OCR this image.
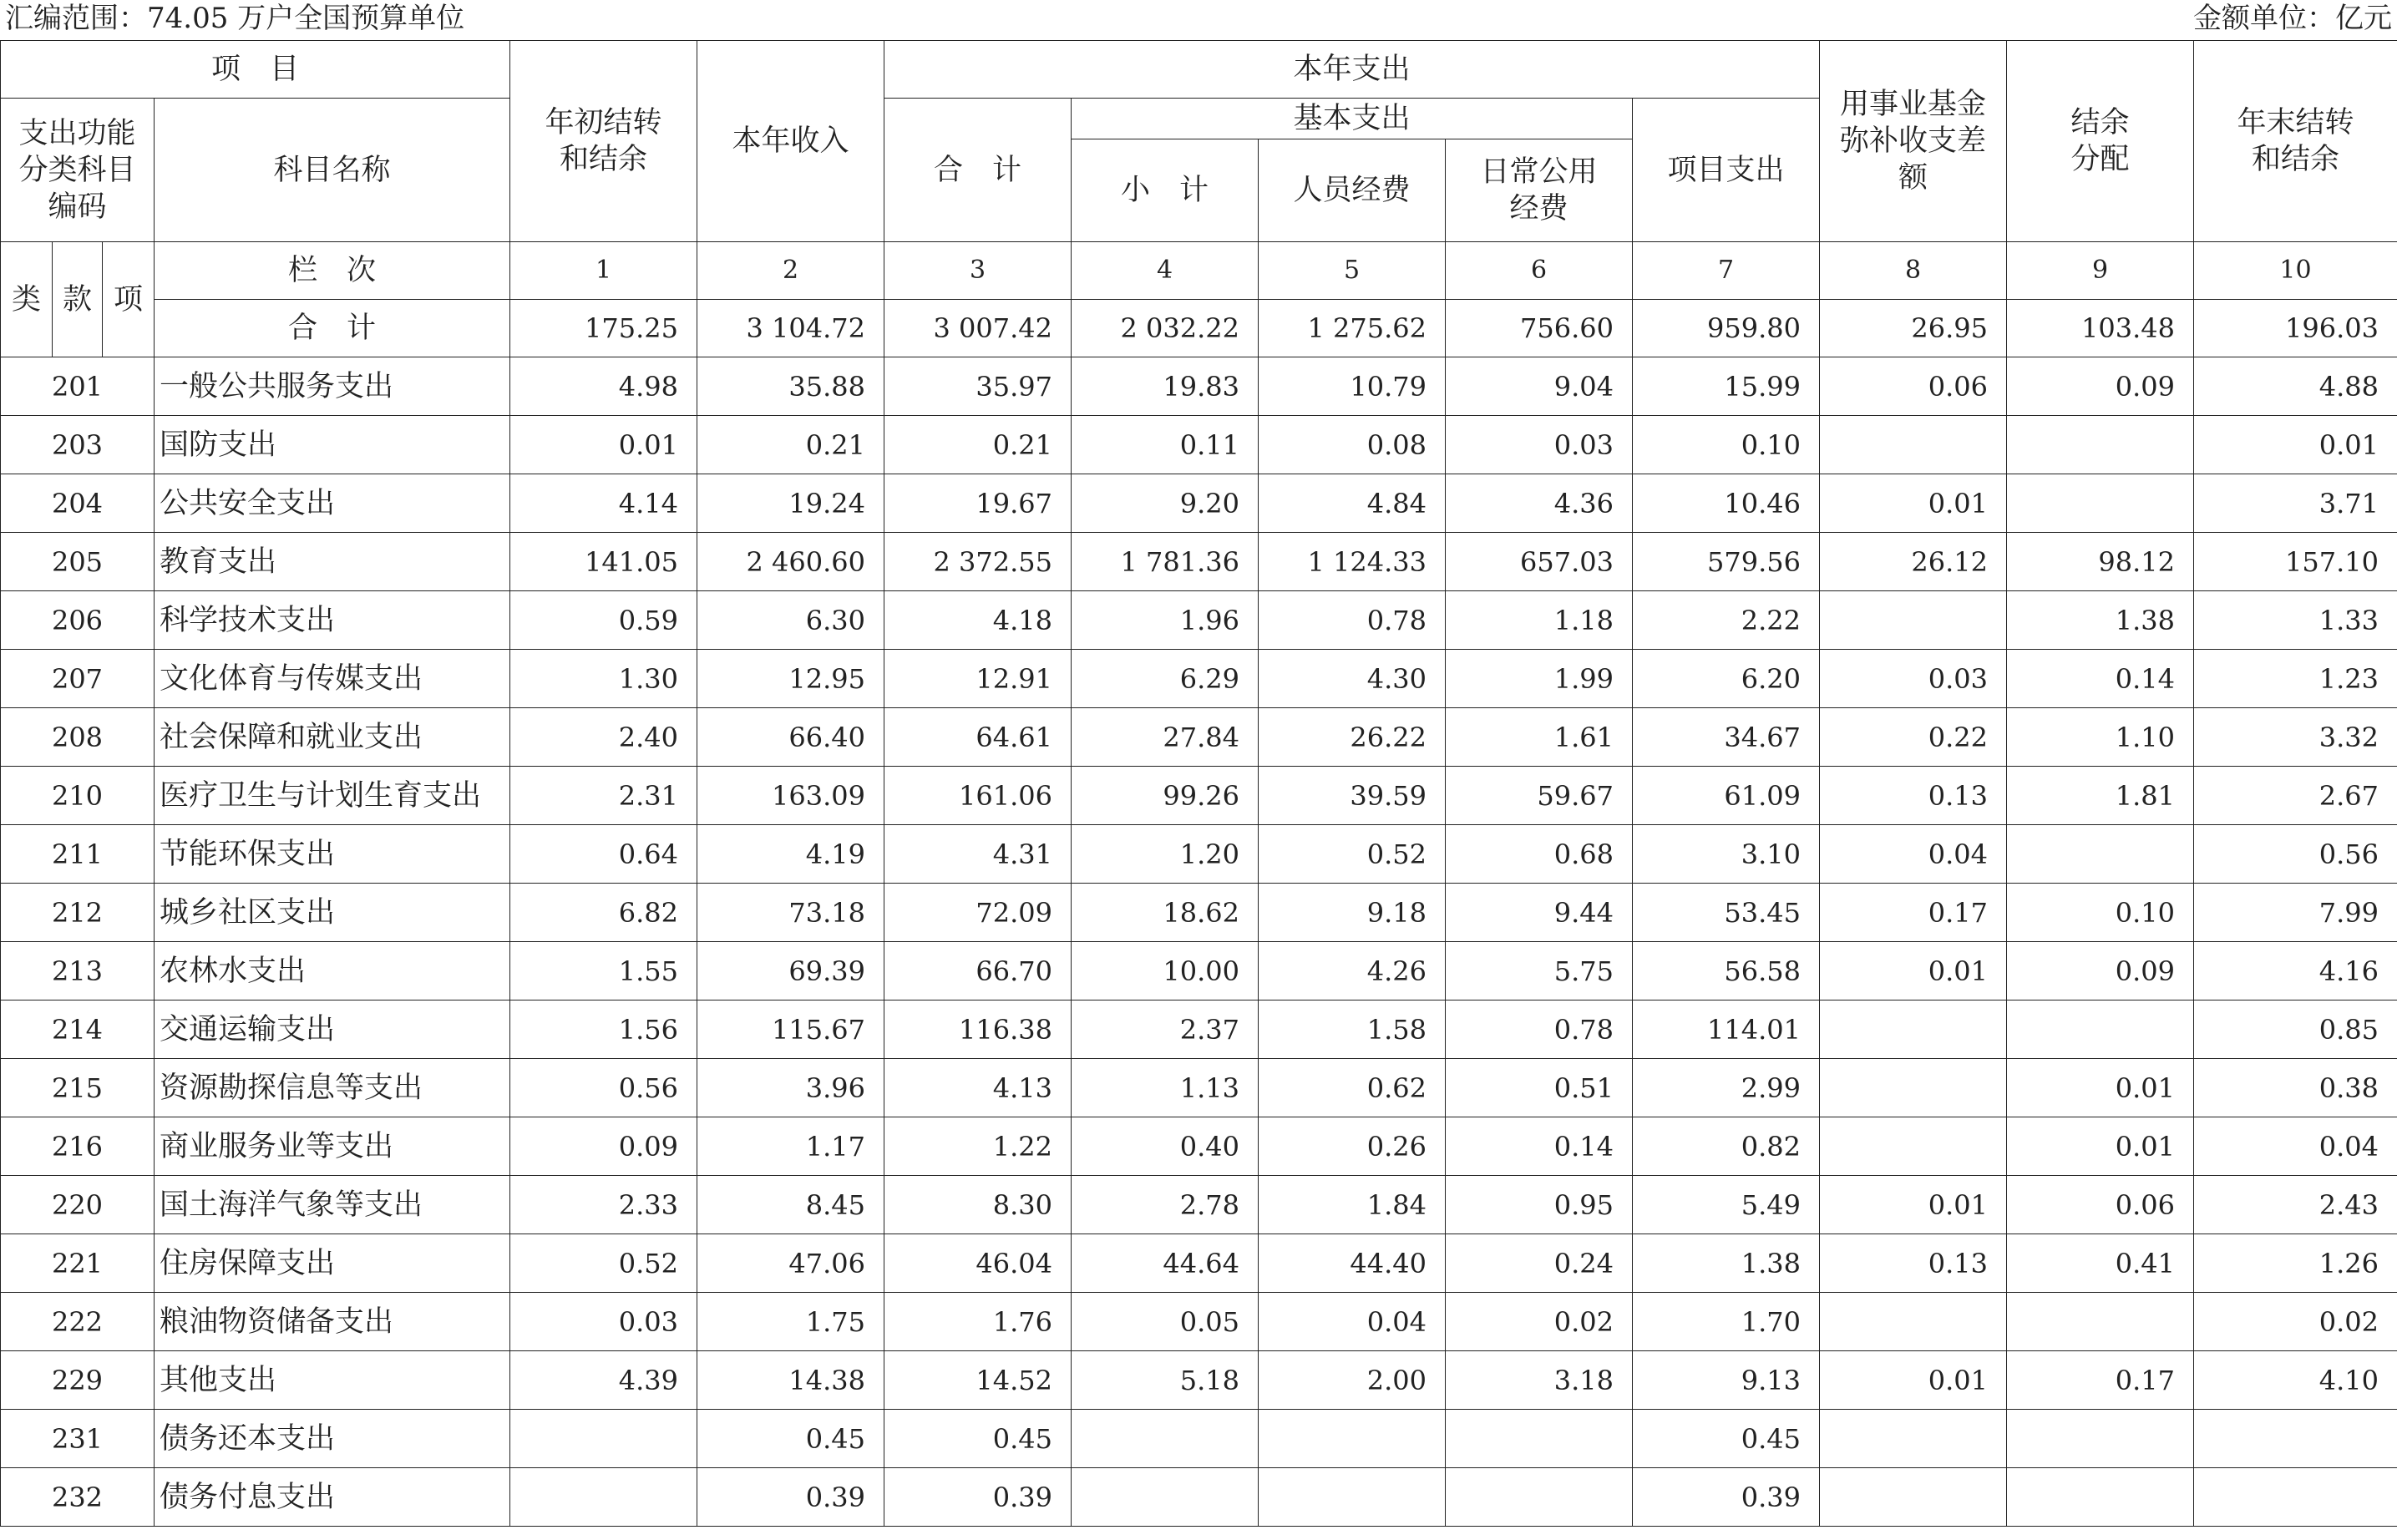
汇编范围：74.05 万户全国预算单位	金额单位：亿元
项　目				年初结转和结余	本年收入	本年支出					用事业基金弥补收支差额	结余分配	年末结转和结余
支出功能分类科目编码			科目名称			合　计	基本支出			项目支出			
							小　计	人员经费	日常公用经费				
类	款	项	栏　次	1	2	3	4	5	6	7	8	9	10
			合　计	175.25	3 104.72	3 007.42	2 032.22	1 275.62	756.60	959.80	26.95	103.48	196.03
201			一般公共服务支出	4.98	35.88	35.97	19.83	10.79	9.04	15.99	0.06	0.09	4.88
203			国防支出	0.01	0.21	0.21	0.11	0.08	0.03	0.10			0.01
204			公共安全支出	4.14	19.24	19.67	9.20	4.84	4.36	10.46	0.01		3.71
205			教育支出	141.05	2 460.60	2 372.55	1 781.36	1 124.33	657.03	579.56	26.12	98.12	157.10
206			科学技术支出	0.59	6.30	4.18	1.96	0.78	1.18	2.22		1.38	1.33
207			文化体育与传媒支出	1.30	12.95	12.91	6.29	4.30	1.99	6.20	0.03	0.14	1.23
208			社会保障和就业支出	2.40	66.40	64.61	27.84	26.22	1.61	34.67	0.22	1.10	3.32
210			医疗卫生与计划生育支出	2.31	163.09	161.06	99.26	39.59	59.67	61.09	0.13	1.81	2.67
211			节能环保支出	0.64	4.19	4.31	1.20	0.52	0.68	3.10	0.04		0.56
212			城乡社区支出	6.82	73.18	72.09	18.62	9.18	9.44	53.45	0.17	0.10	7.99
213			农林水支出	1.55	69.39	66.70	10.00	4.26	5.75	56.58	0.01	0.09	4.16
214			交通运输支出	1.56	115.67	116.38	2.37	1.58	0.78	114.01			0.85
215			资源勘探信息等支出	0.56	3.96	4.13	1.13	0.62	0.51	2.99		0.01	0.38
216			商业服务业等支出	0.09	1.17	1.22	0.40	0.26	0.14	0.82		0.01	0.04
220			国土海洋气象等支出	2.33	8.45	8.30	2.78	1.84	0.95	5.49	0.01	0.06	2.43
221			住房保障支出	0.52	47.06	46.04	44.64	44.40	0.24	1.38	0.13	0.41	1.26
222			粮油物资储备支出	0.03	1.75	1.76	0.05	0.04	0.02	1.70			0.02
229			其他支出	4.39	14.38	14.52	5.18	2.00	3.18	9.13	0.01	0.17	4.10
231			债务还本支出		0.45	0.45				0.45			
232			债务付息支出		0.39	0.39				0.39			
